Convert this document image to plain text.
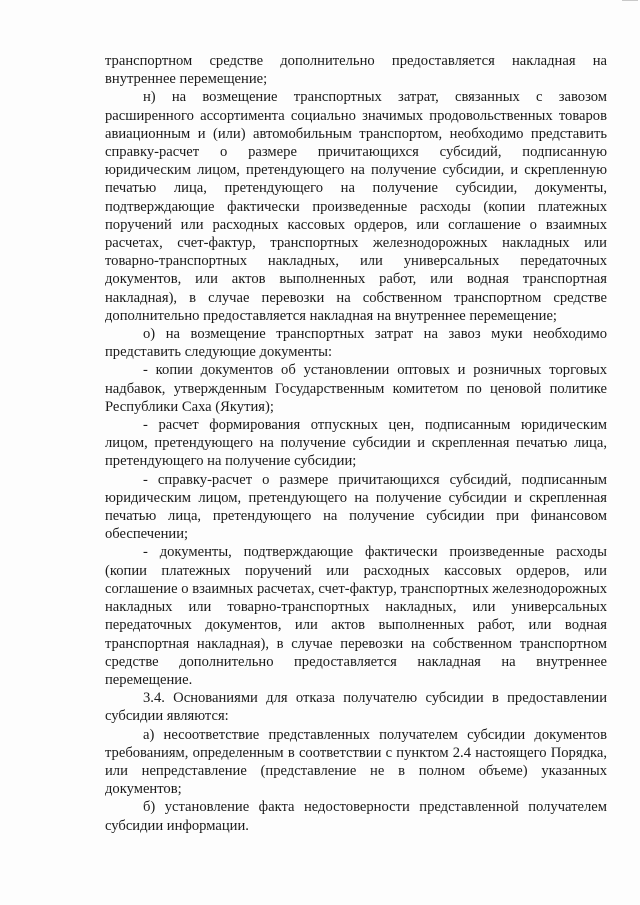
транспортном средстве дополнительно предоставляется накладная на внутреннее перемещение;

н) на возмещение транспортных затрат, связанных с завозом расширенного ассортимента социально значимых продовольственных товаров авиационным и (или) автомобильным транспортом, необходимо представить справку-расчет о размере причитающихся субсидий, подписанную юридическим лицом, претендующего на получение субсидии, и скрепленную печатью лица, претендующего на получение субсидии, документы, подтверждающие фактически произведенные расходы (копии платежных поручений или расходных кассовых ордеров, или соглашение о взаимных расчетах, счет-фактур, транспортных железнодорожных накладных или товарно-транспортных накладных, или универсальных передаточных документов, или актов выполненных работ, или водная транспортная накладная), в случае перевозки на собственном транспортном средстве дополнительно предоставляется накладная на внутреннее перемещение;

о) на возмещение транспортных затрат на завоз муки необходимо представить следующие документы:

- копии документов об установлении оптовых и розничных торговых надбавок, утвержденным Государственным комитетом по ценовой политике Республики Саха (Якутия);

- расчет формирования отпускных цен, подписанным юридическим лицом, претендующего на получение субсидии и скрепленная печатью лица, претендующего на получение субсидии;

- справку-расчет о размере причитающихся субсидий, подписанным юридическим лицом, претендующего на получение субсидии и скрепленная печатью лица, претендующего на получение субсидии при финансовом обеспечении;

- документы, подтверждающие фактически произведенные расходы (копии платежных поручений или расходных кассовых ордеров, или соглашение о взаимных расчетах, счет-фактур, транспортных железнодорожных накладных или товарно-транспортных накладных, или универсальных передаточных документов, или актов выполненных работ, или водная транспортная накладная), в случае перевозки на собственном транспортном средстве дополнительно предоставляется накладная на внутреннее перемещение.

3.4. Основаниями для отказа получателю субсидии в предоставлении субсидии являются:

а) несоответствие представленных получателем субсидии документов требованиям, определенным в соответствии с пунктом 2.4 настоящего Порядка, или непредставление (представление не в полном объеме) указанных документов;

б) установление факта недостоверности представленной получателем субсидии информации.
